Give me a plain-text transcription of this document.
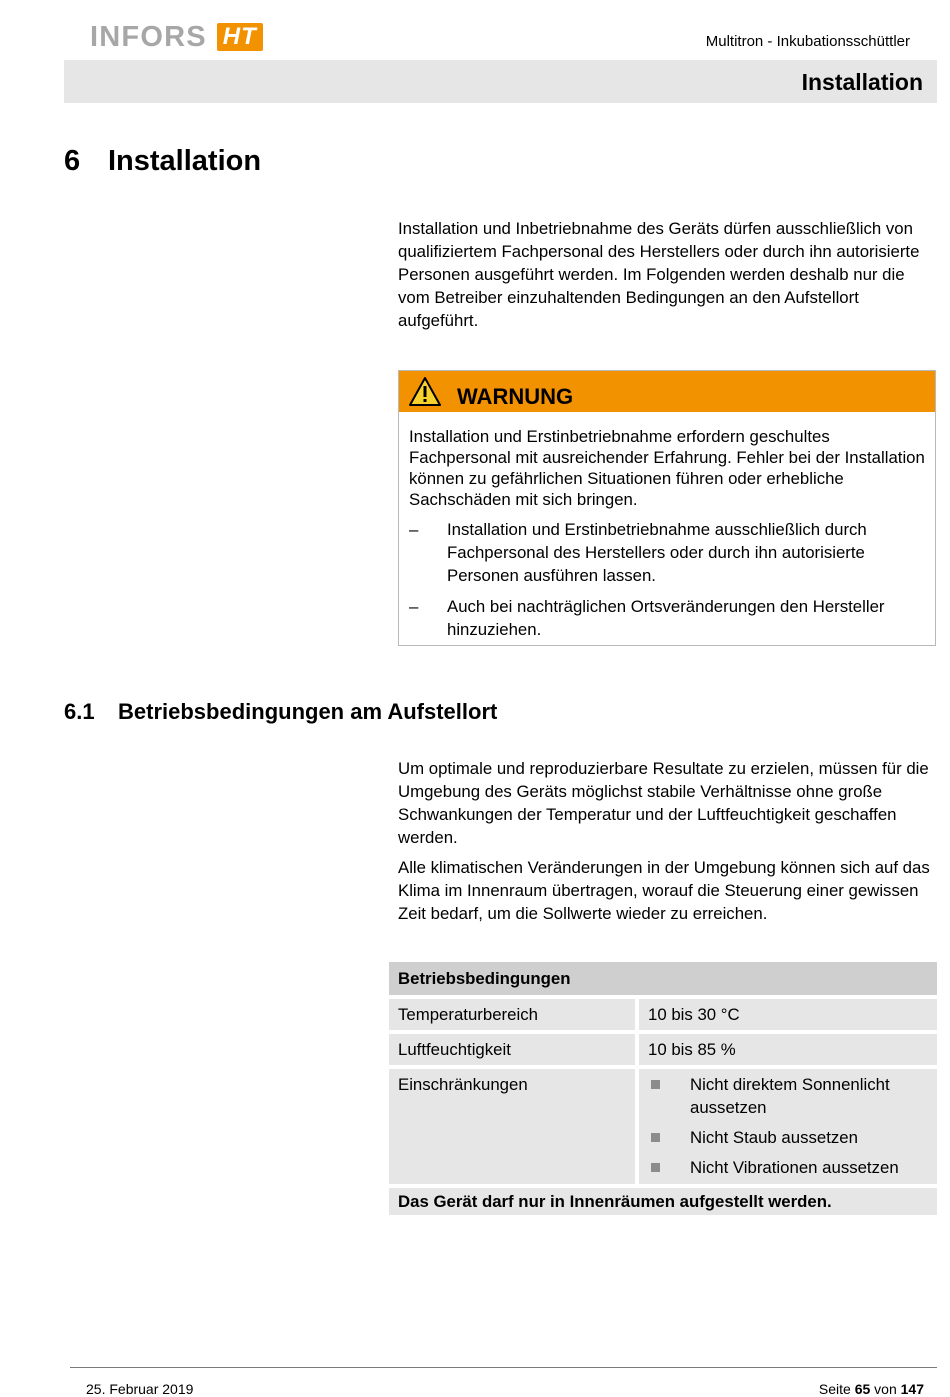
INFORS HT	Multitron - Inkubationsschüttler
Installation
6 Installation

Installation und Inbetriebnahme des Geräts dürfen ausschließlich von qualifiziertem Fachpersonal des Herstellers oder durch ihn autorisierte Personen ausgeführt werden. Im Folgenden werden deshalb nur die vom Betreiber einzuhaltenden Bedingungen an den Aufstellort aufgeführt.

WARNUNG

Installation und Erstinbetriebnahme erfordern geschultes Fachpersonal mit ausreichender Erfahrung. Fehler bei der Installation können zu gefährlichen Situationen führen oder erhebliche Sachschäden mit sich bringen.

–	Installation und Erstinbetriebnahme ausschließlich durch Fachpersonal des Herstellers oder durch ihn autorisierte Personen ausführen lassen.
–	Auch bei nachträglichen Ortsveränderungen den Hersteller hinzuziehen.
6.1 Betriebsbedingungen am Aufstellort

Um optimale und reproduzierbare Resultate zu erzielen, müssen für die Umgebung des Geräts möglichst stabile Verhältnisse ohne große Schwankungen der Temperatur und der Luftfeuchtigkeit geschaffen werden.

Alle klimatischen Veränderungen in der Umgebung können sich auf das Klima im Innenraum übertragen, worauf die Steuerung einer gewissen Zeit bedarf, um die Sollwerte wieder zu erreichen.

Betriebsbedingungen
Temperaturbereich	10 bis 30 °C
Luftfeuchtigkeit	10 bis 85 %
Einschränkungen	Nicht direktem Sonnenlicht aussetzen
Nicht Staub aussetzen
Nicht Vibrationen aussetzen
Das Gerät darf nur in Innenräumen aufgestellt werden.
25. Februar 2019	Seite 65 von 147
